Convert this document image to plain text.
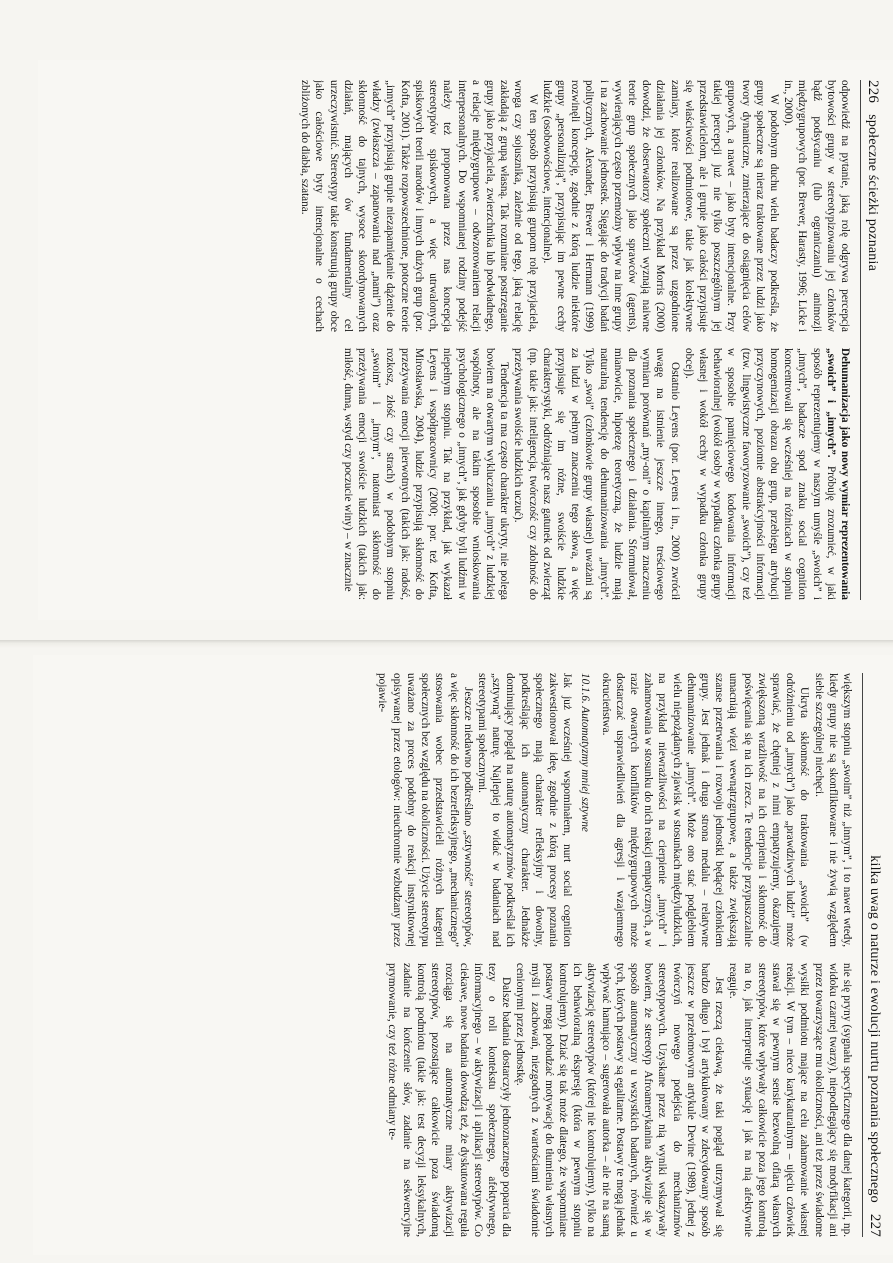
226   społeczne ścieżki poznania

odpowiedź na pytanie, jaką rolę odgrywa percepcja bytowości grupy w stereotypizowaniu jej członków bądź podsycaniu (lub ograniczaniu) animozji międzygrupowych (por. Brewer, Harasty, 1996; Licke i in., 2000).

W podobnym duchu wielu badaczy podkreśla, że grupy społeczne są nieraz traktowane przez ludzi jako twory dynamiczne, zmierzające do osiągnięcia celów grupowych, a nawet – jako byty intencjonalne. Przy takiej percepcji już nie tylko poszczególnym jej przedstawicielom, ale i grupie jako całości przypisuje się właściwości podmiotowe, takie jak kolektywne zamiary, które realizowane są przez uzgodnione działania jej członków. Na przykład Morris (2000) dowodzi, że obserwatorzy społeczni wyznają naiwne teorie grup społecznych jako sprawców (agents), wywierających często przemożny wpływ na inne grupy i na zachowanie jednostek. Sięgając do tradycji badań politycznych, Alexander, Brewer i Hermann (1999) rozwinęli koncepcję, zgodnie z którą ludzie niektóre grupy „personalizują”, przypisując im pewne cechy ludzkie (osobowościowe, intencjonalne).

W ten sposób przypisują grupom rolę przyjaciela, wroga czy sojusznika, zależnie od tego, jaką relację zakładają z grupą własną. Tak rozumiane postrzeganie grupy jako przyjaciela, zwierzchnika lub podwładnego, a relacje międzygrupowe – odwzorowaniem relacji interpersonalnych. Do wspomnianej rodziny podejść należy też proponowana przez nas koncepcja stereotypów spiskowych, a więc utrwalonych, spiskowych teorii narodów i innych dużych grup (por. Kofta, 2001). Także rozpowszechnione, potoczne teorie „innych” przypisują grupie niezapamiętanie dążenie do władzy (zwłaszcza – zapanowania nad „nami”) oraz skłonność do tajnych, wysoce skoordynowanych działań, mających ów fundamentalny cel urzeczywistnić. Stereotypy takie konstruują grupy obce jako całościowe byty intencjonalne o cechach zbliżonych do diabła, szatana.

Dehumanizacja jako nowy wymiar reprezentowania „swoich” i „innych”. Próbuję zrozumieć, w jaki sposób reprezentujemy w naszym umyśle „swoich” i „innych”, badacze spod znaku social cognition koncentrowali się wcześniej na różnicach w stopniu homogenizacji obrazu obu grup, przebiegu atrybucji przyczynowych, poziomie abstrakcyjności informacji (tzw. lingwistyczne faworyzowanie „swoich”), czy też w sposobie pamięciowego kodowania informacji behawioralnej (wokół osoby w wypadku członka grupy własnej i wokół cechy w wypadku członka grupy obcej).

Ostatnio Leyens (por. Leyens i in., 2000) zwrócił uwagę na istnienie jeszcze innego, treściowego wymiaru porównań „my-oni” o kapitalnym znaczeniu dla poznania społecznego i działania. Sformułował, mianowicie, hipotezę teoretyczną, że ludzie mają naturalną tendencję do dehumanizowania „innych”. Tylko „swoi” (członkowie grupy własnej) uważani są za ludzi w pełnym znaczeniu tego słowa, a więc przypisuje się im różne, swoiście ludzkie charakterystyki, odróżniające nasz gatunek od zwierząt (np. takie jak: inteligencja, twórczość czy zdolność do przeżywania swoiście ludzkich uczuć).

Tendencja ta ma często charakter ukryty, nie polega bowiem na otwartym wykluczaniu „innych” z ludzkiej wspólnoty, ale na takim sposobie wnioskowania psychologicznego o „innych”, jak gdyby byli ludźmi w niepełnym stopniu. Tak na przykład, jak wykazał Leyens i współpracownicy (2000; por. też Kofta, Mirosławska, 2004), ludzie przypisują skłonność do przeżywania emocji pierwotnych (takich jak: radość, rozkosz, złość czy strach) w podobnym stopniu „swoim” i „innym”, natomiast skłonność do przeżywania emocji swoiście ludzkich (takich jak: miłość, duma, wstyd czy poczucie winy) – w znacznie

kilka uwag o naturze i ewolucji nurtu poznania społecznego   227

większym stopniu „swoim” niż „innym”, i to nawet wtedy, kiedy grupy nie są skonfliktowane i nie żywią względem siebie szczególnej niechęci.

Ukryta skłonność do traktowania „swoich” (w odróżnieniu od „innych”) jako „prawdziwych ludzi” może sprawiać, że chętniej z nimi empatyzujemy, okazujemy zwiększoną wrażliwość na ich cierpienia i skłonność do poświęcania się na ich rzecz. Te tendencje przypuszczalnie umacniają więzi wewnątrzgrupowe, a także zwiększają szanse przetrwania i rozwoju jednostki będącej członkiem grupy. Jest jednak i druga strona medalu – relatywne dehumanizowanie „innych”. Może ono stać podglebiem wielu niepożądanych zjawisk w stosunkach międzyludzkich, na przykład niewrażliwości na cierpienie „innych” i zahamowania w stosunku do nich reakcji empatycznych, a w razie otwartych konfliktów międzygrupowych może dostarczać usprawiedliwień dla agresji i wzajemnego okrucieństwa.

10.1.6. Automatyzmy mniej sztywne

Jak już wcześniej wspominałem, nurt social cognition zakwestionował ideę, zgodnie z którą procesy poznania społecznego mają charakter refleksyjny i dowolny, podkreślając ich automatyczny charakter. Jednakże dominujący pogląd na naturę automatyzmów podkreślał ich „sztywną” naturę. Najlepiej to widać w badaniach nad stereotypami społecznymi.

Jeszcze niedawno podkreślano „sztywność” stereotypów, a więc skłonność do ich bezrefleksyjnego, „mechanicznego” stosowania wobec przedstawicieli różnych kategorii społecznych bez względu na okoliczności. Użycie stereotypu uważano za proces podobny do reakcji instynktownej opisywanej przez etologów: nieuchronnie wzbudzany przez pojawie-

nie się pryny (sygnału specyficznego dla danej kategorii, np. widoku czarnej twarzy), niepodlegający się modyfikacji ani przez towarzyszące mu okoliczności, ani też przez świadome wysiłki podmiotu mające na celu zahamowanie własnej reakcji. W tym – nieco karykaturalnym – ujęciu człowiek stawał się w pewnym sensie bezwolną ofiarą własnych stereotypów, które wpływały całkowicie poza jego kontrolą na to, jak interpretuje sytuację i jak na nią afektywnie reaguje.

Jest rzeczą ciekawą, że taki pogląd utrzymywał się bardzo długo i był artykułowany w zdecydowany sposób jeszcze w przełomowym artykule Devine (1989), jednej z twórczyń nowego podejścia do mechanizmów stereotypowych. Uzyskane przez nią wyniki wskazywały bowiem, że stereotyp Afroamerykanina aktywizuje się w sposób automatyczny u wszystkich badanych, również u tych, których postawy są egalitarne. Postawy te mogą jednak wpływać hamująco – sugerowała autorka – ale nie na samą aktywizację stereotypów (której nie kontrolujemy), tylko na ich behawioralną ekspresję (która w pewnym stopniu kontrolujemy). Dziać się tak może dlatego, że wspomniane postawy mogą pobudzać motywację do tłumienia własnych myśli i zachowań, niezgodnych z wartościami świadomie cenionymi przez jednostkę.

Dalsze badania dostarczyły jednoznacznego poparcia dla tezy o roli kontekstu społecznego, afektywnego, informacyjnego – w aktywizacji i aplikacji stereotypów. Co ciekawe, nowe badania dowodzą też, że dyskutowana reguła rozciąga się na automatyczne miary aktywizacji stereotypów, pozostające całkowicie poza świadomą kontrolą podmiotu (takie jak: test decyzji leksykalnych, zadanie na kończenie słów, zadanie na sekwencyjne prymowanie, czy też różne odmiany te-
